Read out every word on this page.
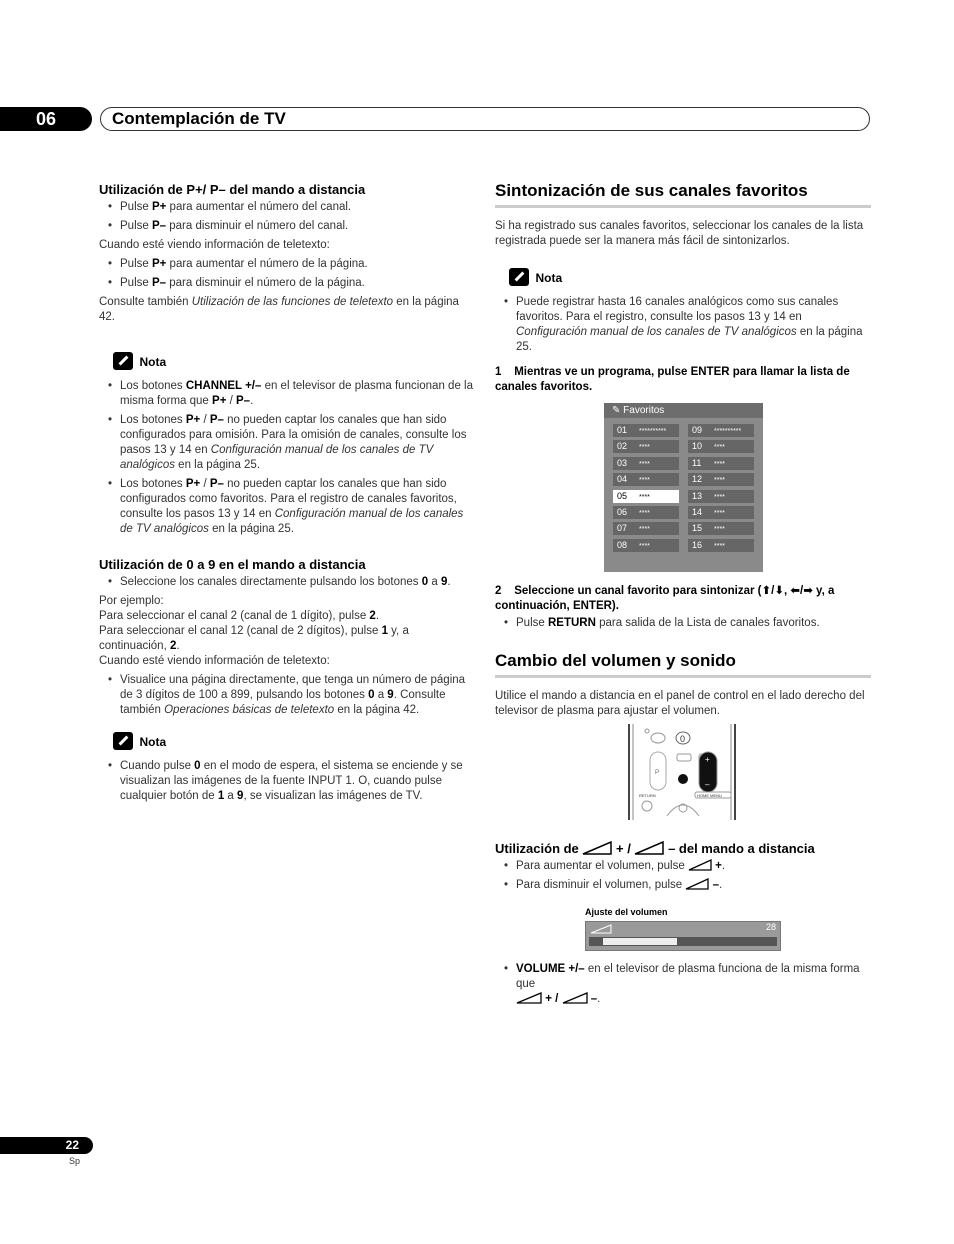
06	Contemplación de TV
Utilización de P+/ P– del mando a distancia
• Pulse P+ para aumentar el número del canal.
• Pulse P– para disminuir el número del canal.
Cuando esté viendo información de teletexto:
• Pulse P+ para aumentar el número de la página.
• Pulse P– para disminuir el número de la página.
Consulte también Utilización de las funciones de teletexto en la página 42.
$^{Nota}$
• Los botones CHANNEL +/– en el televisor de plasma funcionan de la misma forma que P+ / P–.
• Los botones P+ / P– no pueden captar los canales que han sido configurados para omisión. Para la omisión de canales, consulte los pasos 13 y 14 en Configuración manual de los canales de TV analógicos en la página 25.
• Los botones P+ / P– no pueden captar los canales que han sido configurados como favoritos. Para el registro de canales favoritos, consulte los pasos 13 y 14 en Configuración manual de los canales de TV analógicos en la página 25.
Utilización de 0 a 9 en el mando a distancia
• Seleccione los canales directamente pulsando los botones 0 a 9.
Por ejemplo:
Para seleccionar el canal 2 (canal de 1 dígito), pulse 2.
Para seleccionar el canal 12 (canal de 2 dígitos), pulse 1 y, a continuación, 2.
Cuando esté viendo información de teletexto:
• Visualice una página directamente, que tenga un número de página de 3 dígitos de 100 a 899, pulsando los botones 0 a 9. Consulte también Operaciones básicas de teletexto en la página 42.
$^{Nota}$
• Cuando pulse 0 en el modo de espera, el sistema se enciende y se visualizan las imágenes de la fuente INPUT 1. O, cuando pulse cualquier botón de 1 a 9, se visualizan las imágenes de TV.
Sintonización de sus canales favoritos
Si ha registrado sus canales favoritos, seleccionar los canales de la lista registrada puede ser la manera más fácil de sintonizarlos.
$^{Nota}$
• Puede registrar hasta 16 canales analógicos como sus canales favoritos. Para el registro, consulte los pasos 13 y 14 en Configuración manual de los canales de TV analógicos en la página 25.
1 Mientras ve un programa, pulse ENTER para llamar la lista de canales favoritos.
✎ Favoritos
01 **********
02 ****
03 ****
04 ****
05 ****
06 ****
07 ****
08 ****
09 **********
10 ****
11 ****
12 ****
13 ****
14 ****
15 ****
16 ****
2 Seleccione un canal favorito para sintonizar (⬆/⬇, ⬅/➡ y, a continuación, ENTER).
• Pulse RETURN para salida de la Lista de canales favoritos.
Cambio del volumen y sonido
Utilice el mando a distancia en el panel de control en el lado derecho del televisor de plasma para ajustar el volumen.
0
P
+
–
RETURN	HOME MENU
Utilización de  + /  – del mando a distancia
• Para aumentar el volumen, pulse  +.
• Para disminuir el volumen, pulse  –.
Ajuste del volumen
28
• VOLUME +/– en el televisor de plasma funciona de la misma forma que
+ /  –.
22
Sp
